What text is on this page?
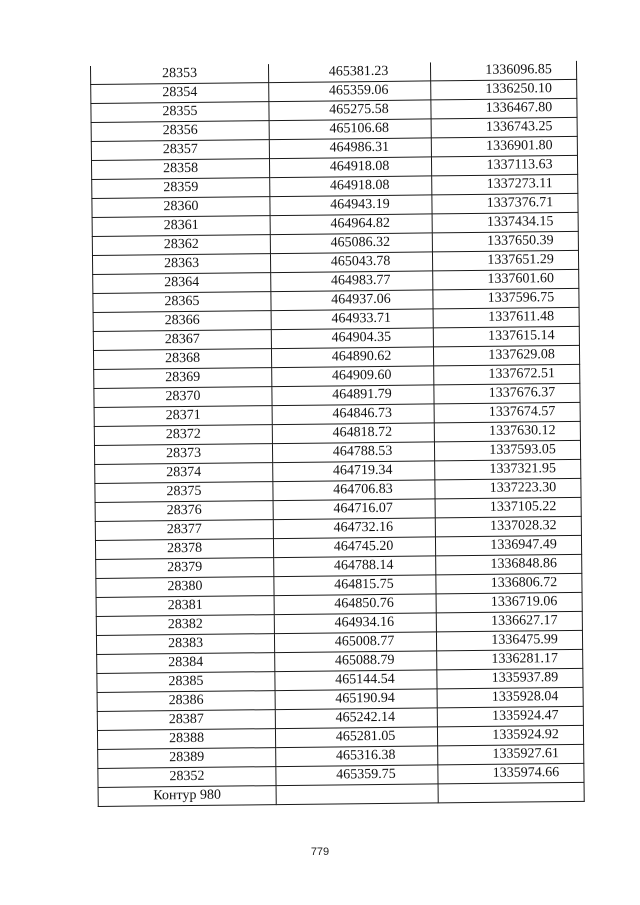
28353	465381.23	1336096.85
28354	465359.06	1336250.10
28355	465275.58	1336467.80
28356	465106.68	1336743.25
28357	464986.31	1336901.80
28358	464918.08	1337113.63
28359	464918.08	1337273.11
28360	464943.19	1337376.71
28361	464964.82	1337434.15
28362	465086.32	1337650.39
28363	465043.78	1337651.29
28364	464983.77	1337601.60
28365	464937.06	1337596.75
28366	464933.71	1337611.48
28367	464904.35	1337615.14
28368	464890.62	1337629.08
28369	464909.60	1337672.51
28370	464891.79	1337676.37
28371	464846.73	1337674.57
28372	464818.72	1337630.12
28373	464788.53	1337593.05
28374	464719.34	1337321.95
28375	464706.83	1337223.30
28376	464716.07	1337105.22
28377	464732.16	1337028.32
28378	464745.20	1336947.49
28379	464788.14	1336848.86
28380	464815.75	1336806.72
28381	464850.76	1336719.06
28382	464934.16	1336627.17
28383	465008.77	1336475.99
28384	465088.79	1336281.17
28385	465144.54	1335937.89
28386	465190.94	1335928.04
28387	465242.14	1335924.47
28388	465281.05	1335924.92
28389	465316.38	1335927.61
28352	465359.75	1335974.66
Контур 980		
779
